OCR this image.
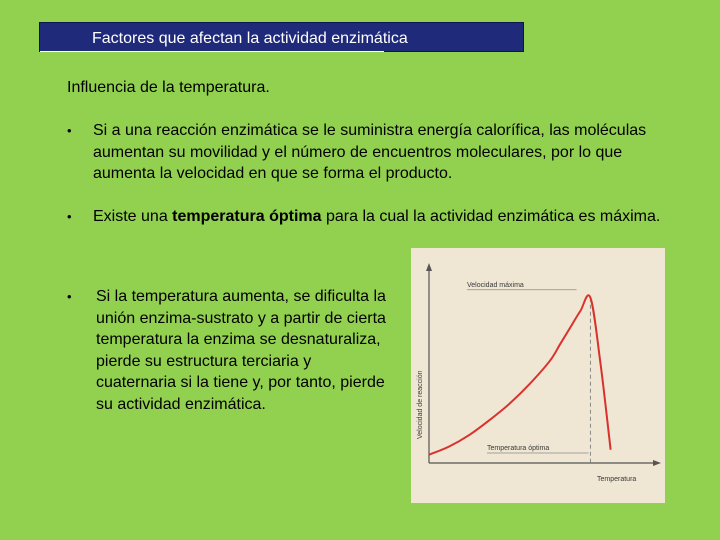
Factores que afectan la actividad enzimática
Influencia de la temperatura.
• Si a una reacción enzimática se le suministra energía calorífica, las moléculas aumentan su movilidad y el número de encuentros moleculares, por lo que aumenta la velocidad en que se forma el producto.
• Existe una temperatura óptima para la cual la actividad enzimática es máxima.
• Si la temperatura aumenta, se dificulta la unión enzima-sustrato y a partir de cierta temperatura la enzima se desnaturaliza, pierde su estructura terciaria y cuaternaria si la tiene y, por tanto, pierde su actividad enzimática.
Velocidad máxima
Temperatura óptima
Temperatura
Velocidad de reacción
